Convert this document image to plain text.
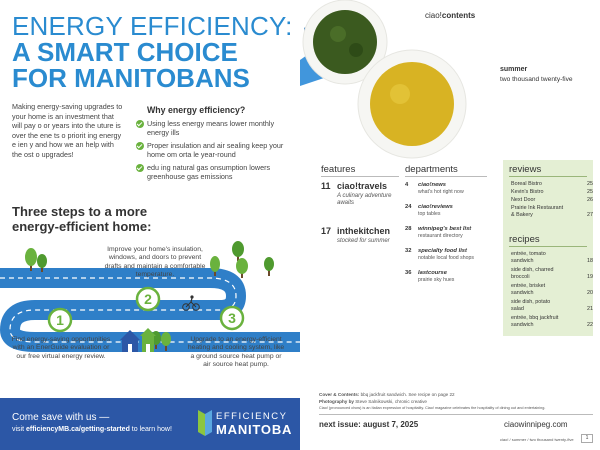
ENERGY EFFICIENCY:
A SMART CHOICE
FOR MANITOBANS

Making energy-saving upgrades to your home is an investment that will pay o or years into the uture is over the ene ts o priorit ing energy e ien y and how we an help with the ost o upgrades!

Why energy efficiency?
Using less energy means lower monthly energy ills
Proper insulation and air sealing keep your home om orta le year-round
edu ing natural gas onsumption lowers greenhouse gas emissions
Three steps to a more energy-efficient home:
1
2
3
Improve your home's insulation, windows, and doors to prevent drafts and maintain a comfortable temperature.
Find energy-saving opportunities with an EnerGuide evaluation or our free virtual energy review.
Upgrade to an energy-efficient heating and cooling system, like a ground source heat pump or air source heat pump.
Come save with us —
visit efficiencyMB.ca/getting-started to learn how!
EFFICIENCY
MANITOBA
ciao!contents
summer
two thousand twenty-five
features
11 ciao!travels
A culinary adventure awaits
17 inthekitchen
stocked for summer
departments
4 ciao!news
what's hot right now
24 ciao!reviews
top tables
28 winnipeg's best list
restaurant directory
32 specialty food list
notable local food shops
36 lastcourse
prairie sky hues
reviews
Boreal Bistro	25
Kevin's Bistro	25
Next Door	26
Prairie Ink Restaurant
& Bakery	27
recipes
entrée, tomato
sandwich	18
side dish, charred
broccoli	19
entrée, brisket
sandwich	20
side dish, potato
salad	21
entrée, bbq jackfruit
sandwich	22
Cover & Contents: bbq jackfruit sandwich. See recipe on page 22
Photography by Steve Salnikowski, chronic creative
Ciao! (pronounced chow) is an Italian expression of hospitality. Ciao! magazine celebrates the hospitality of dining out and entertaining.
next issue: august 7, 2025	ciaowinnipeg.com
ciao! / summer / two thousand twenty-five	1
